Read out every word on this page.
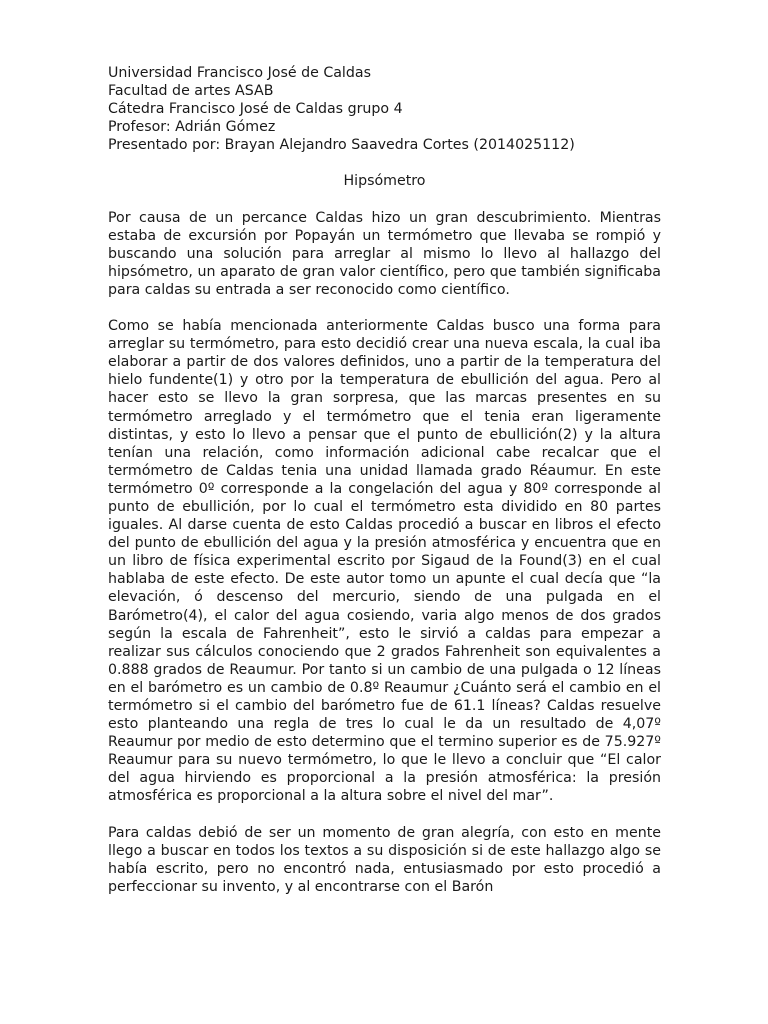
Universidad Francisco José de Caldas
Facultad de artes ASAB
Cátedra Francisco José de Caldas grupo 4
Profesor: Adrián Gómez
Presentado por: Brayan Alejandro Saavedra Cortes (2014025112)
Hipsómetro

Por causa de un percance Caldas hizo un gran descubrimiento. Mientras estaba de excursión por Popayán un termómetro que llevaba se rompió y buscando una solución para arreglar al mismo lo llevo al hallazgo del hipsómetro, un aparato de gran valor científico, pero que también significaba para caldas su entrada a ser reconocido como científico.

Como se había mencionada anteriormente Caldas busco una forma para arreglar su termómetro, para esto decidió crear una nueva escala, la cual iba elaborar a partir de dos valores definidos, uno a partir de la temperatura del hielo fundente(1) y otro por la temperatura de ebullición del agua. Pero al hacer esto se llevo la gran sorpresa, que las marcas presentes en su termómetro arreglado y el termómetro que el tenia eran ligeramente distintas, y esto lo llevo a pensar que el punto de ebullición(2) y la altura tenían una relación, como información adicional cabe recalcar que el termómetro de Caldas tenia una unidad llamada grado Réaumur. En este termómetro 0º corresponde a la congelación del agua y 80º corresponde al punto de ebullición, por lo cual el termómetro esta dividido en 80 partes iguales. Al darse cuenta de esto Caldas procedió a buscar en libros el efecto del punto de ebullición del agua y la presión atmosférica y encuentra que en un libro de física experimental escrito por Sigaud de la Found(3) en el cual hablaba de este efecto. De este autor tomo un apunte el cual decía que “la elevación, ó descenso del mercurio, siendo de una pulgada en el Barómetro(4), el calor del agua cosiendo, varia algo menos de dos grados según la escala de Fahrenheit”, esto le sirvió a caldas para empezar a realizar sus cálculos conociendo que 2 grados Fahrenheit son equivalentes a 0.888 grados de Reaumur. Por tanto si un cambio de una pulgada o 12 líneas en el barómetro es un cambio de 0.8º Reaumur ¿Cuánto será el cambio en el termómetro si el cambio del barómetro fue de 61.1 líneas? Caldas resuelve esto planteando una regla de tres lo cual le da un resultado de 4,07º Reaumur por medio de esto determino que el termino superior es de 75.927º Reaumur para su nuevo termómetro, lo que le llevo a concluir que “El calor del agua hirviendo es proporcional a la presión atmosférica: la presión atmosférica es proporcional a la altura sobre el nivel del mar”.

Para caldas debió de ser un momento de gran alegría, con esto en mente llego a buscar en todos los textos a su disposición si de este hallazgo algo se había escrito, pero no encontró nada, entusiasmado por esto procedió a perfeccionar su invento, y al encontrarse con el Barón
